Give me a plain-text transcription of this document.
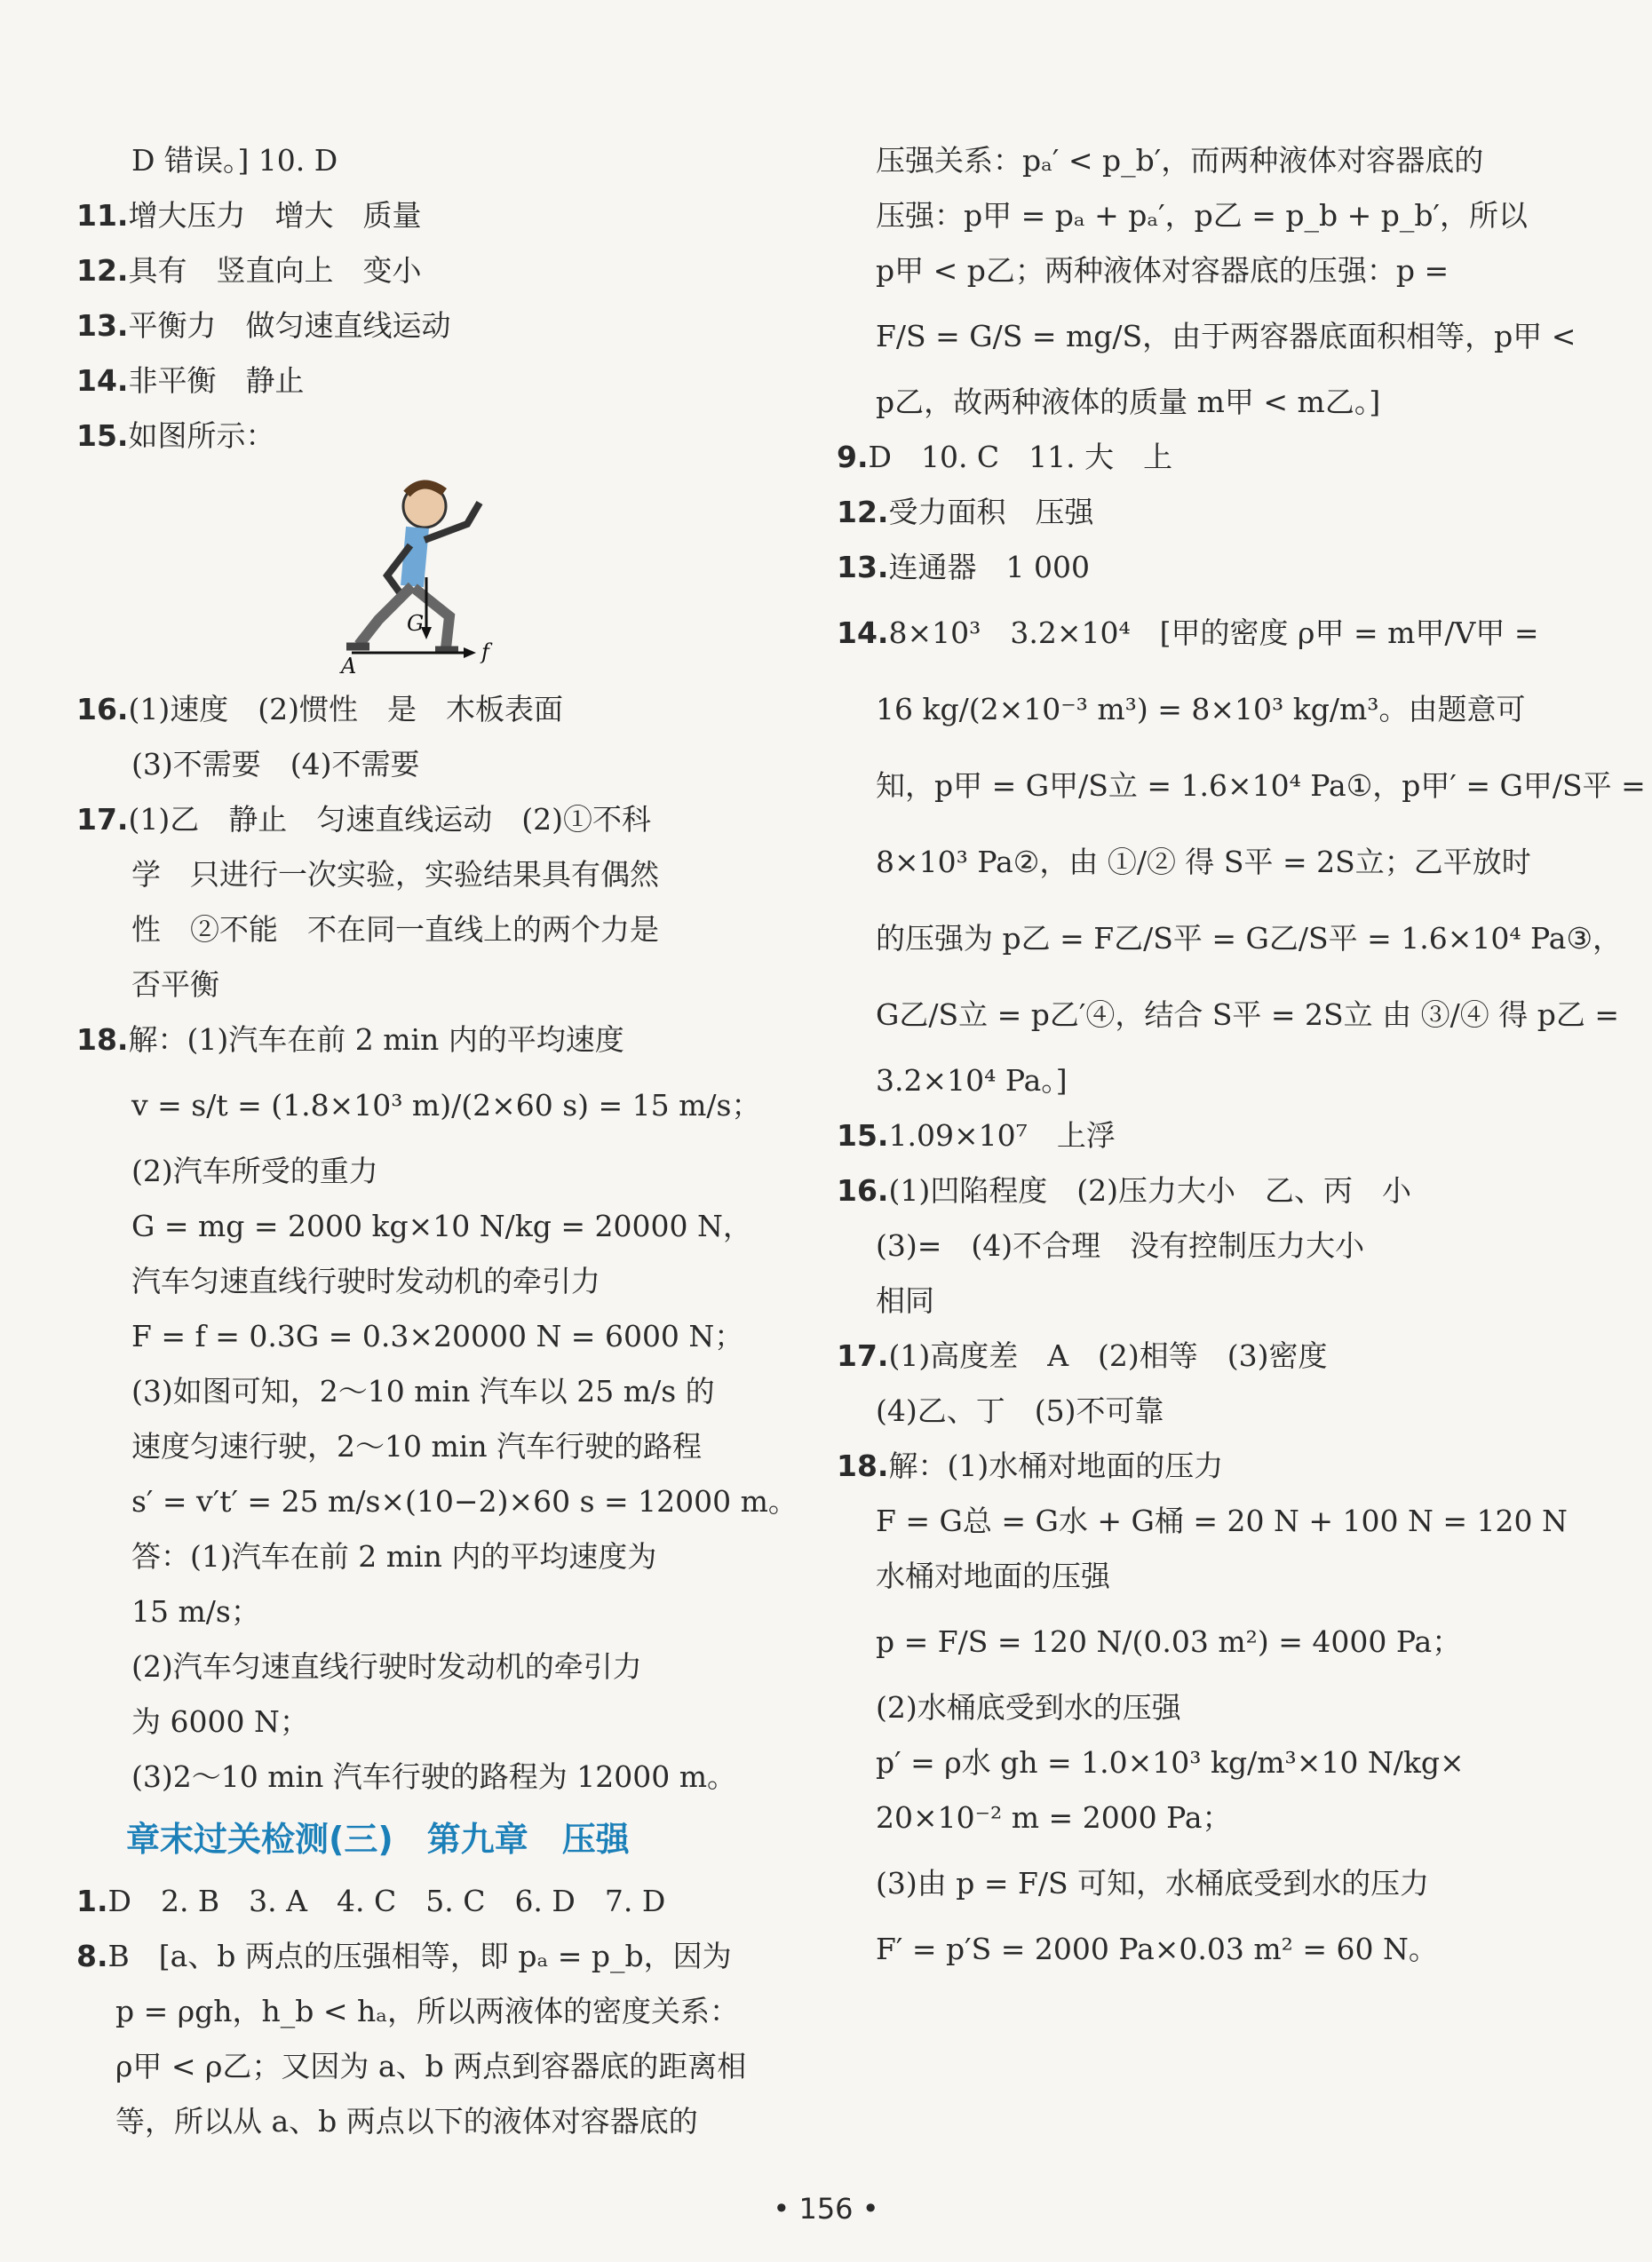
D 错误。] 10. D
11.增大压力　增大　质量
12.具有　竖直向上　变小
13.平衡力　做匀速直线运动
14.非平衡　静止
15.如图所示：
G
A
f
16.(1)速度　(2)惯性　是　木板表面
(3)不需要　(4)不需要
17.(1)乙　静止　匀速直线运动　(2)①不科
学　只进行一次实验，实验结果具有偶然
性　②不能　不在同一直线上的两个力是
否平衡
18.解：(1)汽车在前 2 min 内的平均速度
v = s/t = (1.8×10³ m)/(2×60 s) = 15 m/s；
(2)汽车所受的重力
G = mg = 2000 kg×10 N/kg = 20000 N，
汽车匀速直线行驶时发动机的牵引力
F = f = 0.3G = 0.3×20000 N = 6000 N；
(3)如图可知，2～10 min 汽车以 25 m/s 的
速度匀速行驶，2～10 min 汽车行驶的路程
s′ = v′t′ = 25 m/s×(10−2)×60 s = 12000 m。
答：(1)汽车在前 2 min 内的平均速度为
15 m/s；
(2)汽车匀速直线行驶时发动机的牵引力
为 6000 N；
(3)2～10 min 汽车行驶的路程为 12000 m。
章末过关检测(三)　第九章　压强
1.D　2. B　3. A　4. C　5. C　6. D　7. D
8.B　[a、b 两点的压强相等，即 pₐ = p_b，因为
p = ρgh，h_b < hₐ，所以两液体的密度关系：
ρ甲 < ρ乙；又因为 a、b 两点到容器底的距离相
等，所以从 a、b 两点以下的液体对容器底的
压强关系：pₐ′ < p_b′，而两种液体对容器底的
压强：p甲 = pₐ + pₐ′，p乙 = p_b + p_b′，所以
p甲 < p乙；两种液体对容器底的压强：p =
F/S = G/S = mg/S，由于两容器底面积相等，p甲 <
p乙，故两种液体的质量 m甲 < m乙。]
9.D　10. C　11. 大　上
12.受力面积　压强
13.连通器　1 000
14.8×10³　3.2×10⁴　[甲的密度 ρ甲 = m甲/V甲 =
16 kg/(2×10⁻³ m³) = 8×10³ kg/m³。由题意可
知，p甲 = G甲/S立 = 1.6×10⁴ Pa①，p甲′ = G甲/S平 =
8×10³ Pa②，由 ①/② 得 S平 = 2S立；乙平放时
的压强为 p乙 = F乙/S平 = G乙/S平 = 1.6×10⁴ Pa③，
G乙/S立 = p乙′④，结合 S平 = 2S立 由 ③/④ 得 p乙 =
3.2×10⁴ Pa。]
15.1.09×10⁷　上浮
16.(1)凹陷程度　(2)压力大小　乙、丙　小
(3)=　(4)不合理　没有控制压力大小
相同
17.(1)高度差　A　(2)相等　(3)密度
(4)乙、丁　(5)不可靠
18.解：(1)水桶对地面的压力
F = G总 = G水 + G桶 = 20 N + 100 N = 120 N
水桶对地面的压强
p = F/S = 120 N/(0.03 m²) = 4000 Pa；
(2)水桶底受到水的压强
p′ = ρ水 gh = 1.0×10³ kg/m³×10 N/kg×
20×10⁻² m = 2000 Pa；
(3)由 p = F/S 可知，水桶底受到水的压力
F′ = p′S = 2000 Pa×0.03 m² = 60 N。
• 156 •
